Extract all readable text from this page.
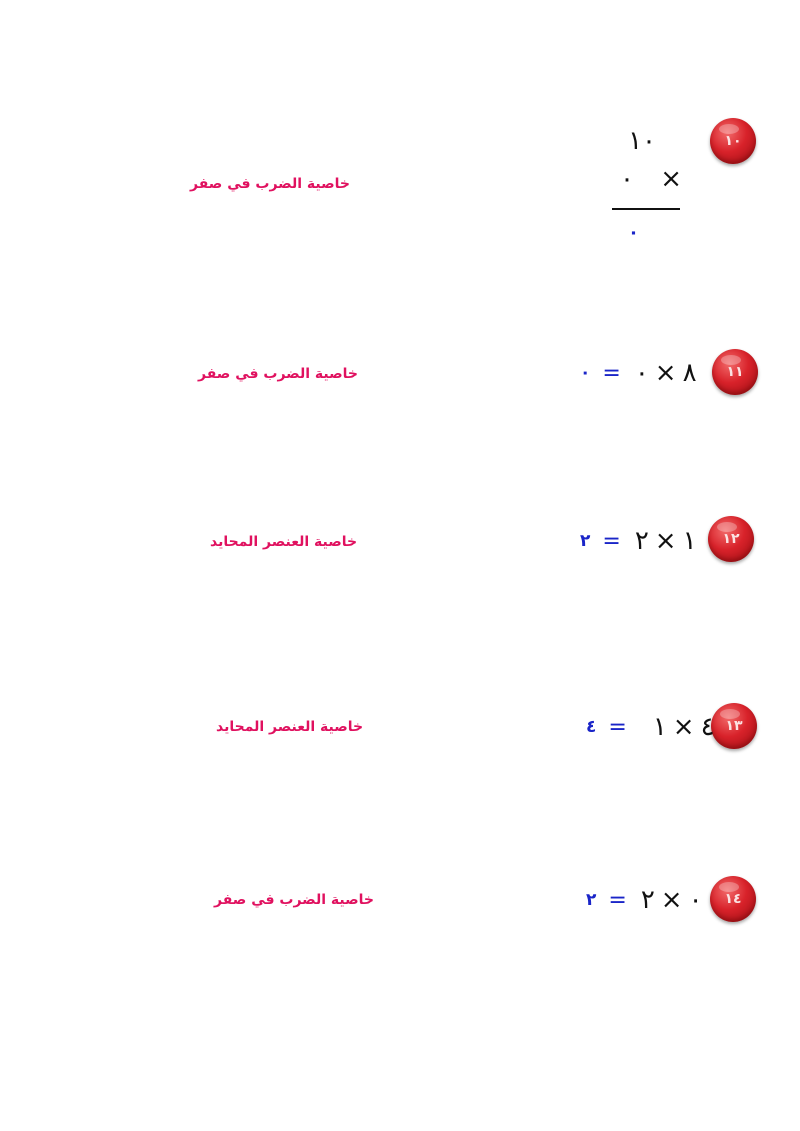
١٠
١٠
٠ ×
٠
خاصية الضرب في صفر
١١
٠ = ٠ × ٨
خاصية الضرب في صفر
١٢
٢ = ٢ × ١
خاصية العنصر المحايد
١٣
٤ = ١ × ٤
خاصية العنصر المحايد
١٤
٢ = ٢ × ٠
خاصية الضرب في صفر
